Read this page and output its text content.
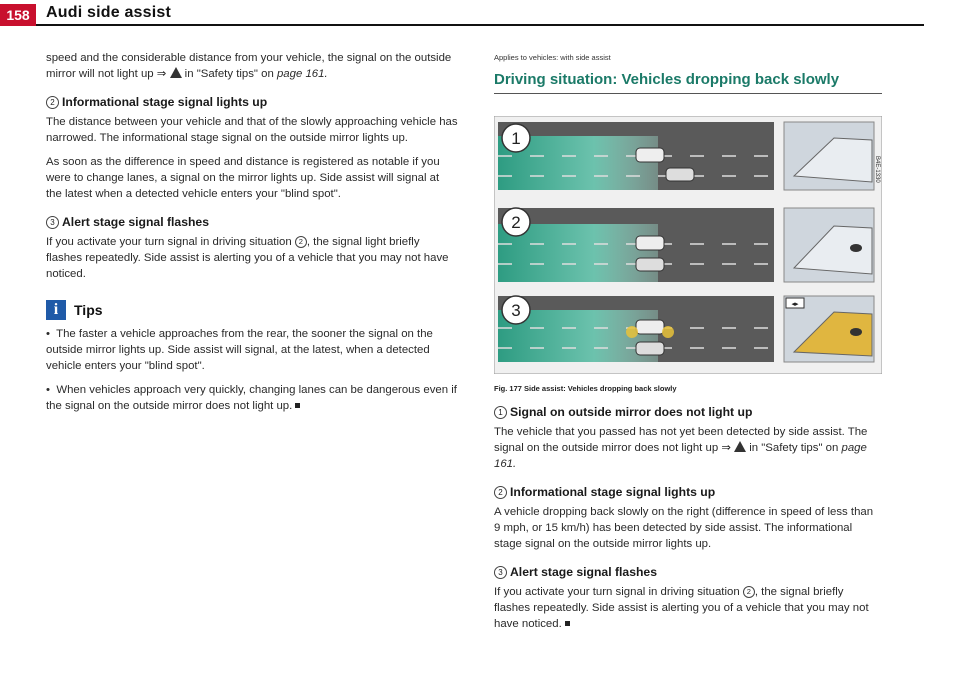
158	Audi side assist

speed and the considerable distance from your vehicle, the signal on the outside mirror will not light up ⇒  in "Safety tips" on page 161.

2 Informational stage signal lights up

The distance between your vehicle and that of the slowly approaching vehicle has narrowed. The informational stage signal on the outside mirror lights up.

As soon as the difference in speed and distance is registered as notable if you were to change lanes, a signal on the mirror lights up. Side assist will signal at the latest when a detected vehicle enters your "blind spot".

3 Alert stage signal flashes

If you activate your turn signal in driving situation 2 , the signal light briefly flashes repeatedly. Side assist is alerting you of a vehicle that you may not have noticed.

i	Tips

•  The faster a vehicle approaches from the rear, the sooner the signal on the outside mirror lights up. Side assist will signal, at the latest, when a detected vehicle enters your "blind spot".

•  When vehicles approach very quickly, changing lanes can be dangerous even if the signal on the outside mirror does not light up.

Applies to vehicles: with side assist
Driving situation: Vehicles dropping back slowly
1
B4E-1330
2
3	◂▸
Fig. 177 Side assist: Vehicles dropping back slowly
1 Signal on outside mirror does not light up

The vehicle that you passed has not yet been detected by side assist. The signal on the outside mirror does not light up ⇒  in "Safety tips" on page 161.

2 Informational stage signal lights up

A vehicle dropping back slowly on the right (difference in speed of less than 9 mph, or 15 km/h) has been detected by side assist. The informational stage signal on the outside mirror lights up.

3 Alert stage signal flashes

If you activate your turn signal in driving situation 2 , the signal briefly flashes repeatedly. Side assist is alerting you of a vehicle that you may not have noticed.
